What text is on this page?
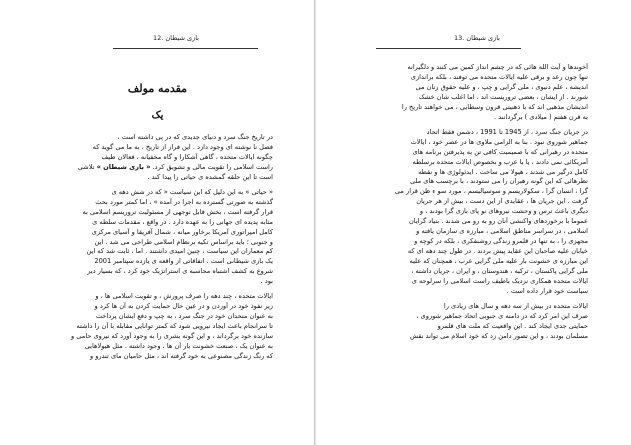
12. بازی شیطان
مقدمه مولف
یک
در تاریخ جنگ سرد و دنیای جدیدی که در پی داشته است ،
فصل نا نوشته ای وجود دارد . این فراز از تاریخ ، به ما می گوید که
چگونه ایالات متحده ، گاهی آشکارا و گاه مخفیانه ، فعالان طیف
راست اسلامی را تقویت مالی و تشویق کرد. « بازی شیطان » تلاشی
است تا این حلقه گمشده ی حیاتی را پیدا کند .
« حیاتی » به این دلیل که این سیاست « که در شش دهه ی
گذشته به صورتی گسترده به اجرا در آمده » ، اما کمتر مورد بحث
قرار گرفته است ، بخش قابل توجهی از مسئولیت تروریسم اسلامی به
مثابه پدیده ای جهانی را به عهده دارد . در واقع ، مقدمات سلطه ی
کامل امپراتوری آمریکا برخاور میانه ، شمال آفریقا و آسیای مرکزی
و جنوبی ؛ باید براساس تکیه برنظام اسلامی طراحی می شد . این
کم معماران این سیاست ، چنین امیدی داشتند . اما ، ثابت شد که این
یک بازی شیطانی است . اتفاقاتی از واقعه ی یازده سپتامبر 2001
شروع به کشف اشتباه محاسبه ی استراتژیک خود کرد ، که بسیار دیر
بود .
ایالات متحده ، چند دهه را صرف پرورش ، و تقویت اسلامی ها ، و
زیر نفوذ خود در آوردن و در عین حال حمایت کردن به آن ها کرد و
به عنوان متحدان خود در جنگ سرد ، به چپ و دفع ایشان پرداخت
تا سرانجام باعث ایجاد نیرویی شود که کمتر توانایی مقابله با آن را داشته
سازنده خود برگرداند ، و این گونه بشری را به وجود آورد که نیروی حامی و
به عنوان یک ، صنعت خشونت بار آن ها ، وجود داشته . مثل هیولاهایی
که رنگ زندگی مصنوعی به خود گرفته اند ، مثل حامیان مای تندرو و
13. بازی شیطان
آخوندها و آیت الله هائی که در چشم انداز کمین می کنند و دلگیرانه
تنها چون رعد و برقی علیه ایالات متحده می توفند ، بلکه براندازی
اندیشه ، علم دنیوی ، ملی گرایی و چپ ، و علیه حقوق زنان می
شورند . از ایشان ، بعضی تروریست اند ، اما اغلب شان خشک
اندیشان مذهبی اند که با ذهنیتی قرون وسطایی ، می خواهند تاریخ را
به قرن هفتم ( میلادی ) برگردانند .
در جریان جنگ سرد ، از 1945 تا 1991 ، دشمن فقط اتحاد
جماهیر شوروی نبود . بنا به الزامی ملاوی ها در عصر خود ، ایالات
متحده در رهبرانی که با صمیمیت کافی تن به پذیرفتن برنامه های
آمریکائی نمی دادند ، یا با عرب و بخصوص ایالات متحده برسلطه
کامل درگیر می شدند ، هیولا می ساخت . ایدئولوژی ها و نقطه
نظرهائی که این گونه رهبران را می ستودند ، با برچسب های ملی
گرا ، انسان گرا ، سکولاریسم و سوسیالیسم ، مورد سو ء ظن قرار می
گرفت . این جریان ها ، عقایدی از این دست ، بیش از هر جریان
دیگری باعث ترس و وحشت نیروهای نو پای بازی گرا بودند ، و
عموما با برخوردهای واکنشی آنان رو به رو می شدند . بنیاد گرایان
اسلامی ، در سراسر مناطق اسلامی ، مبارزه ی سازمان یافته و
مجهزی را ، به تنها در قلمرو زندگی روشنفکری ، بلکه در کوچه و
خیابان علیه صاحبان این عقاید پیش بردند . در طول چند دهه ای که
این مبارزه ی خشونت بار علیه ملی گرایی عرب ، همچنان که علیه
ملی گرایی پاکستان ، ترکیه ، هندوستان ، و ایران ، جریان داشته ،
ایالات متحده همکاری نزدیک باطیف راست اسلامی را سرلوحه ی
سیاست خود قرار داده است .
ایالات متحده در بیش از سه دهه و سال های زیادی را
صرف این امر کرد که در دامنه ی جنوبی اتحاد جماهیر شوروی ،
حمایتی جدی ایجاد کند . این واقعیت که ملت های قلمرو
مسلمان بودند ، و این تصور دامن زد که خود اسلام می تواند نقش
